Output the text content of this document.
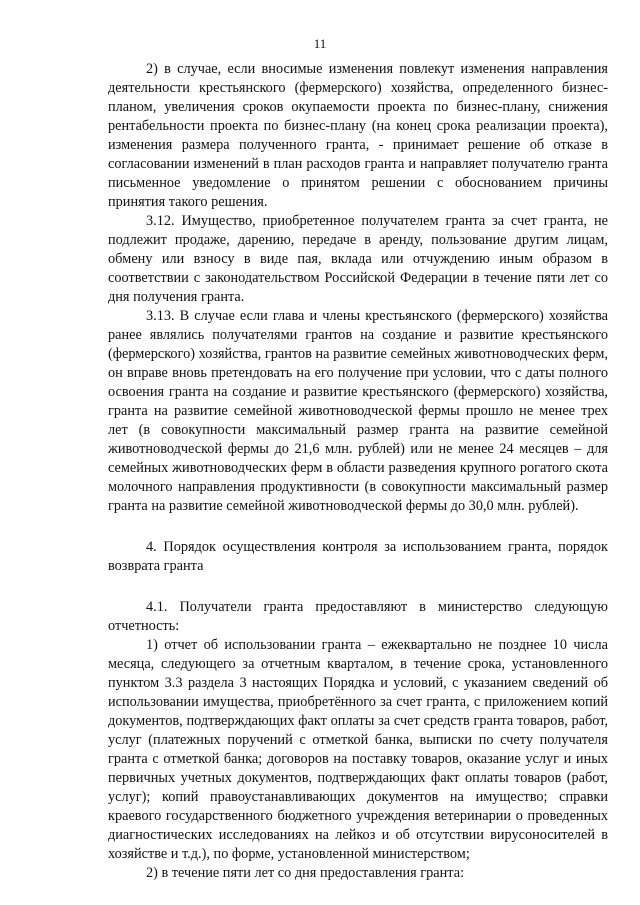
11

2) в случае, если вносимые изменения повлекут изменения направления деятельности крестьянского (фермерского) хозяйства, определенного бизнес-планом, увеличения сроков окупаемости проекта по бизнес-плану, снижения рентабельности проекта по бизнес-плану (на конец срока реализации проекта), изменения размера полученного гранта, - принимает решение об отказе в согласовании изменений в план расходов гранта и направляет получателю гранта письменное уведомление о принятом решении с обоснованием причины принятия такого решения.

3.12. Имущество, приобретенное получателем гранта за счет гранта, не подлежит продаже, дарению, передаче в аренду, пользование другим лицам, обмену или взносу в виде пая, вклада или отчуждению иным образом в соответствии с законодательством Российской Федерации в течение пяти лет со дня получения гранта.

3.13. В случае если глава и члены крестьянского (фермерского) хозяйства ранее являлись получателями грантов на создание и развитие крестьянского (фермерского) хозяйства, грантов на развитие семейных животноводческих ферм, он вправе вновь претендовать на его получение при условии, что с даты полного освоения гранта на создание и развитие крестьянского (фермерского) хозяйства, гранта на развитие семейной животноводческой фермы прошло не менее трех лет (в совокупности максимальный размер гранта на развитие семейной животноводческой фермы до 21,6 млн. рублей) или не менее 24 месяцев – для семейных животноводческих ферм в области разведения крупного рогатого скота молочного направления продуктивности (в совокупности максимальный размер гранта на развитие семейной животноводческой фермы до 30,0 млн. рублей).

4. Порядок осуществления контроля за использованием гранта, порядок возврата гранта

4.1. Получатели гранта предоставляют в министерство следующую отчетность:

1) отчет об использовании гранта – ежеквартально не позднее 10 числа месяца, следующего за отчетным кварталом, в течение срока, установленного пунктом 3.3 раздела 3 настоящих Порядка и условий, с указанием сведений об использовании имущества, приобретённого за счет гранта, с приложением копий документов, подтверждающих факт оплаты за счет средств гранта товаров, работ, услуг (платежных поручений с отметкой банка, выписки по счету получателя гранта с отметкой банка; договоров на поставку товаров, оказание услуг и иных первичных учетных документов, подтверждающих факт оплаты товаров (работ, услуг); копий правоустанавливающих документов на имущество; справки краевого государственного бюджетного учреждения ветеринарии о проведенных диагностических исследованиях на лейкоз и об отсутствии вирусоносителей в хозяйстве и т.д.), по форме, установленной министерством;

2) в течение пяти лет со дня предоставления гранта:
